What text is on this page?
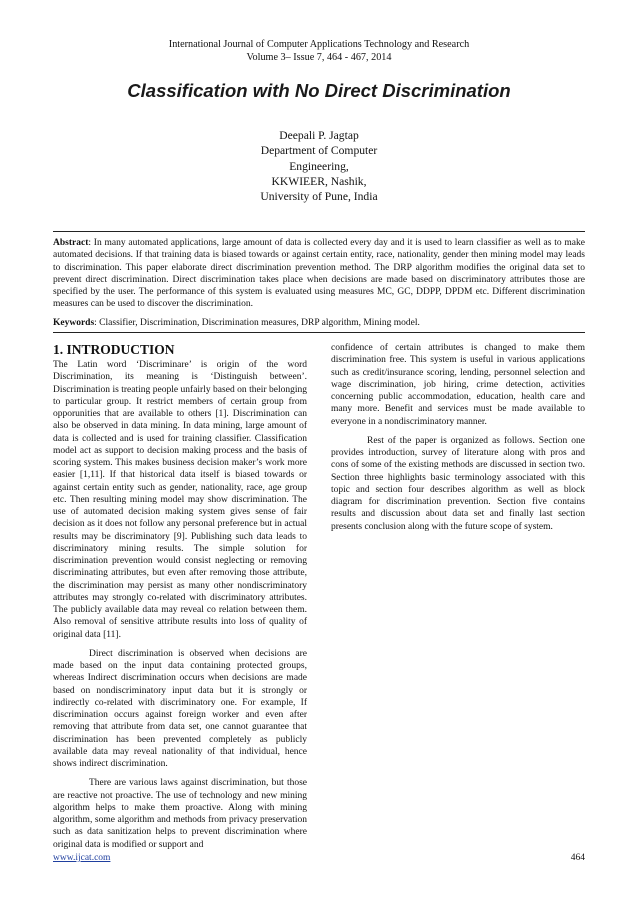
International Journal of Computer Applications Technology and Research
Volume 3– Issue 7, 464 - 467, 2014
Classification with No Direct Discrimination
Deepali P. Jagtap
Department of Computer
Engineering,
KKWIEER, Nashik,
University of Pune, India
Abstract: In many automated applications, large amount of data is collected every day and it is used to learn classifier as well as to make automated decisions. If that training data is biased towards or against certain entity, race, nationality, gender then mining model may leads to discrimination. This paper elaborate direct discrimination prevention method. The DRP algorithm modifies the original data set to prevent direct discrimination. Direct discrimination takes place when decisions are made based on discriminatory attributes those are specified by the user. The performance of this system is evaluated using measures MC, GC, DDPP, DPDM etc. Different discrimination measures can be used to discover the discrimination.
Keywords: Classifier, Discrimination, Discrimination measures, DRP algorithm, Mining model.
1. INTRODUCTION

The Latin word ‘Discriminare’ is origin of the word Discrimination, its meaning is ‘Distinguish between’. Discrimination is treating people unfairly based on their belonging to particular group. It restrict members of certain group from opporunities that are available to others [1]. Discrimination can also be observed in data mining. In data mining, large amount of data is collected and is used for training classifier. Classification model act as support to decision making process and the basis of scoring system. This makes business decision maker’s work more easier [1,11]. If that historical data itself is biased towards or against certain entity such as gender, nationality, race, age group etc. Then resulting mining model may show discrimination. The use of automated decision making system gives sense of fair decision as it does not follow any personal preference but in actual results may be discriminatory [9]. Publishing such data leads to discriminatory mining results. The simple solution for discrimination prevention would consist neglecting or removing discriminating attributes, but even after removing those attribute, the discrimination may persist as many other nondiscriminatory attributes may strongly co-related with discriminatory attributes. The publicly available data may reveal co relation between them. Also removal of sensitive attribute results into loss of quality of original data [11].

Direct discrimination is observed when decisions are made based on the input data containing protected groups, whereas Indirect discrimination occurs when decisions are made based on nondiscriminatory input data but it is strongly or indirectly co-related with discriminatory one. For example, If discrimination occurs against foreign worker and even after removing that attribute from data set, one cannot guarantee that discrimination has been prevented completely as publicly available data may reveal nationality of that individual, hence shows indirect discrimination.

There are various laws against discrimination, but those are reactive not proactive. The use of technology and new mining algorithm helps to make them proactive. Along with mining algorithm, some algorithm and methods from privacy preservation such as data sanitization helps to prevent discrimination where original data is modified or support and

confidence of certain attributes is changed to make them discrimination free. This system is useful in various applications such as credit/insurance scoring, lending, personnel selection and wage discrimination, job hiring, crime detection, activities concerning public accommodation, education, health care and many more. Benefit and services must be made available to everyone in a nondiscriminatory manner.

Rest of the paper is organized as follows. Section one provides introduction, survey of literature along with pros and cons of some of the existing methods are discussed in section two. Section three highlights basic terminology associated with this topic and section four describes algorithm as well as block diagram for discrimination prevention. Section five contains results and discussion about data set and finally last section presents conclusion along with the future scope of system.

www.ijcat.com	464
